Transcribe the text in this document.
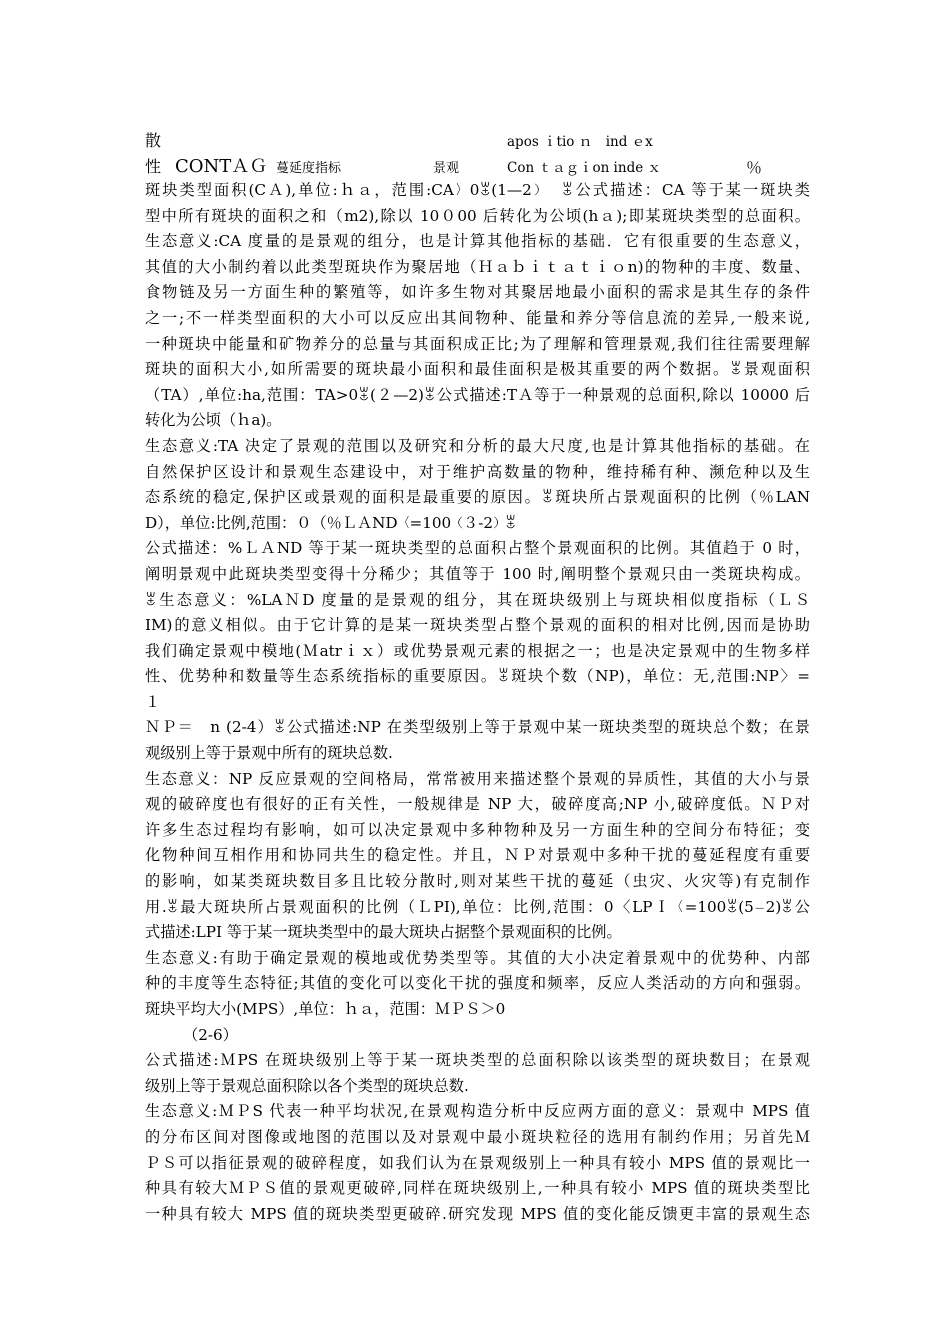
散	apos ｉtio ｎ　ind ｅx
性 CONTＡＧ 蔓延度指标	景观	Con ｔａｇｉon inde ｘ	％
斑块类型面积(CＡ),单位:ｈａ，范围:CA〉0ꂃ(1—2）　ꂃ公式描述：CA 等于某一斑块类
型中所有斑块的面积之和（m2),除以 10０00 后转化为公顷(hａ);即某斑块类型的总面积。
生态意义:CA 度量的是景观的组分，也是计算其他指标的基础．它有很重要的生态意义，
其值的大小制约着以此类型斑块作为聚居地（Ｈａｂｉｔａｔｉｏn)的物种的丰度、数量、
食物链及另一方面生种的繁殖等，如许多生物对其聚居地最小面积的需求是其生存的条件
之一;不一样类型面积的大小可以反应出其间物种、能量和养分等信息流的差异,一般来说,
一种斑块中能量和矿物养分的总量与其面积成正比;为了理解和管理景观,我们往往需要理解
斑块的面积大小,如所需要的斑块最小面积和最佳面积是极其重要的两个数据。ꂃ景观面积
（TA）,单位:ha,范围：TA>0ꂃ(２—2)ꂃ公式描述:TＡ等于一种景观的总面积,除以 10000 后
转化为公顷（ｈa)。
生态意义:TA 决定了景观的范围以及研究和分析的最大尺度,也是计算其他指标的基础。在
自然保护区设计和景观生态建设中，对于维护高数量的物种，维持稀有种、濒危种以及生
态系统的稳定,保护区或景观的面积是最重要的原因。ꂃ斑块所占景观面积的比例（％LAN
D），单位:比例,范围：０（％ＬＡND〈=100（３-2）ꂃ
公式描述：%ＬＡND 等于某一斑块类型的总面积占整个景观面积的比例。其值趋于 0 时，
阐明景观中此斑块类型变得十分稀少；其值等于 100 时,阐明整个景观只由一类斑块构成。
ꂃ生态意义：%LAＮD 度量的是景观的组分，其在斑块级别上与斑块相似度指标（ＬＳ
IM)的意义相似。由于它计算的是某一斑块类型占整个景观的面积的相对比例,因而是协助
我们确定景观中模地(Ｍatrｉｘ）或优势景观元素的根据之一；也是决定景观中的生物多样
性、优势种和数量等生态系统指标的重要原因。ꂃ斑块个数（NP)，单位：无,范围:NP〉=
１
ＮＰ＝　n (2-4）ꂃ公式描述:NP 在类型级别上等于景观中某一斑块类型的斑块总个数；在景
观级别上等于景观中所有的斑块总数.
生态意义：NP 反应景观的空间格局，常常被用来描述整个景观的异质性，其值的大小与景
观的破碎度也有很好的正有关性，一般规律是 NP 大，破碎度高;NP 小,破碎度低。ＮＰ对
许多生态过程均有影响，如可以决定景观中多种物种及另一方面生种的空间分布特征；变
化物种间互相作用和协同共生的稳定性。并且，ＮＰ对景观中多种干扰的蔓延程度有重要
的影响，如某类斑块数目多且比较分散时,则对某些干扰的蔓延（虫灾、火灾等)有克制作
用.ꂃ最大斑块所占景观面积的比例（ＬPI),单位：比例,范围：0〈LPＩ〈=100ꂃ(5－2)ꂃ公
式描述:LPI 等于某一斑块类型中的最大斑块占据整个景观面积的比例。
生态意义:有助于确定景观的模地或优势类型等。其值的大小决定着景观中的优势种、内部
种的丰度等生态特征;其值的变化可以变化干扰的强度和频率，反应人类活动的方向和强弱。
斑块平均大小(MPS）,单位：ｈａ，范围：ＭＰＳ＞0
（2-6）
公式描述:ＭPS 在斑块级别上等于某一斑块类型的总面积除以该类型的斑块数目；在景观
级别上等于景观总面积除以各个类型的斑块总数.
生态意义:ＭＰS 代表一种平均状况,在景观构造分析中反应两方面的意义：景观中 MPS 值
的分布区间对图像或地图的范围以及对景观中最小斑块粒径的选用有制约作用；另首先Ｍ
ＰＳ可以指征景观的破碎程度，如我们认为在景观级别上一种具有较小 MPS 值的景观比一
种具有较大ＭＰＳ值的景观更破碎,同样在斑块级别上,一种具有较小 MPS 值的斑块类型比
一种具有较大 MPS 值的斑块类型更破碎.研究发现 MPS 值的变化能反馈更丰富的景观生态
